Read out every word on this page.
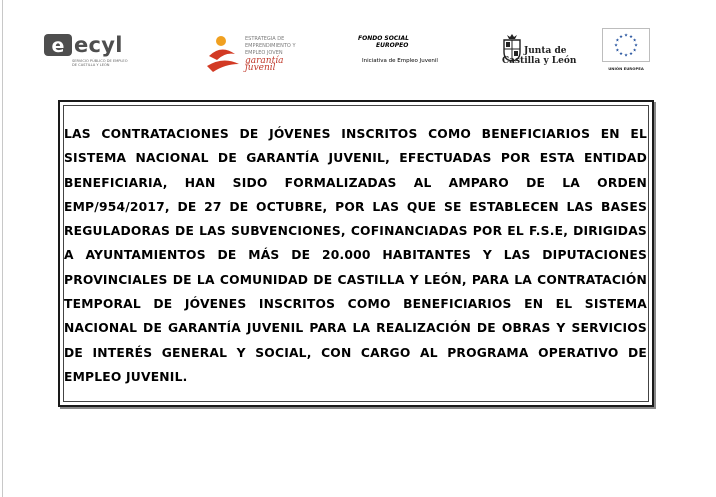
e ecyl
SERVICIO PÚBLICO DE EMPLEO DE CASTILLA Y LEÓN
ESTRATEGIA DE
EMPRENDIMIENTO Y
EMPLEO JOVEN
garantía juvenil
FONDO SOCIAL
EUROPEO
Iniciativa de Empleo Juvenil
Junta de
Castilla y León
★ ★
★
★
★
★
★
★
★
★
★
★
UNIÓN EUROPEA
LAS CONTRATACIONES DE JÓVENES INSCRITOS COMO BENEFICIARIOS EN EL SISTEMA NACIONAL DE GARANTÍA JUVENIL, EFECTUADAS POR ESTA ENTIDAD BENEFICIARIA, HAN SIDO FORMALIZADAS AL AMPARO DE LA ORDEN EMP/954/2017, DE 27 DE OCTUBRE, POR LAS QUE SE ESTABLECEN LAS BASES REGULADORAS DE LAS SUBVENCIONES, COFINANCIADAS POR EL F.S.E, DIRIGIDAS A AYUNTAMIENTOS DE MÁS DE 20.000 HABITANTES Y LAS DIPUTACIONES PROVINCIALES DE LA COMUNIDAD DE CASTILLA Y LEÓN, PARA LA CONTRATACIÓN TEMPORAL DE JÓVENES INSCRITOS COMO BENEFICIARIOS EN EL SISTEMA NACIONAL DE GARANTÍA JUVENIL PARA LA REALIZACIÓN DE OBRAS Y SERVICIOS DE INTERÉS GENERAL Y SOCIAL, CON CARGO AL PROGRAMA OPERATIVO DE EMPLEO JUVENIL.
